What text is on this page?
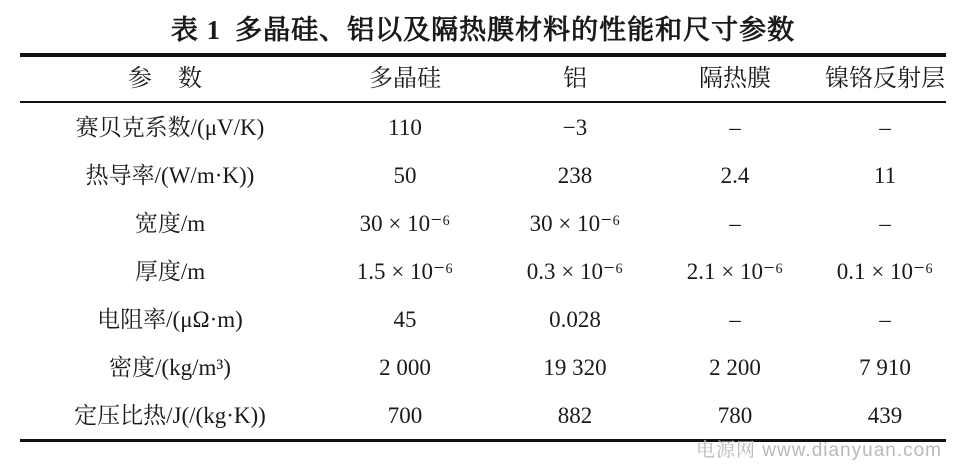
表 1 多晶硅、铝以及隔热膜材料的性能和尺寸参数
参 数	多晶硅	铝	隔热膜	镍铬反射层
赛贝克系数/(μV/K)	110	−3	–	–
热导率/(W/m·K))	50	238	2.4	11
宽度/m	30 × 10⁻⁶	30 × 10⁻⁶	–	–
厚度/m	1.5 × 10⁻⁶	0.3 × 10⁻⁶	2.1 × 10⁻⁶	0.1 × 10⁻⁶
电阻率/(μΩ·m)	45	0.028	–	–
密度/(kg/m³)	2 000	19 320	2 200	7 910
定压比热/J(/(kg·K))	700	882	780	439
电源网 www.dianyuan.com
